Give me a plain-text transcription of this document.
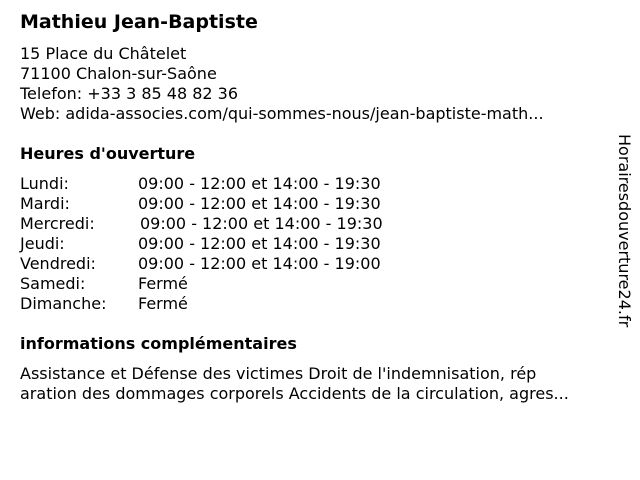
Mathieu Jean-Baptiste
15 Place du Châtelet
71100 Chalon-sur-Saône
Telefon: +33 3 85 48 82 36
Web: adida-associes.com/qui-sommes-nous/jean-baptiste-math...
Heures d'ouverture
Lundi:	09:00 - 12:00 et 14:00 - 19:30
Mardi:	09:00 - 12:00 et 14:00 - 19:30
Mercredi:	09:00 - 12:00 et 14:00 - 19:30
Jeudi:	09:00 - 12:00 et 14:00 - 19:30
Vendredi:	09:00 - 12:00 et 14:00 - 19:00
Samedi:	Fermé
Dimanche: Fermé
informations complémentaires
Assistance et Défense des victimes Droit de l'indemnisation, rép
aration des dommages corporels Accidents de la circulation, agres...
Horairesdouverture24.fr
